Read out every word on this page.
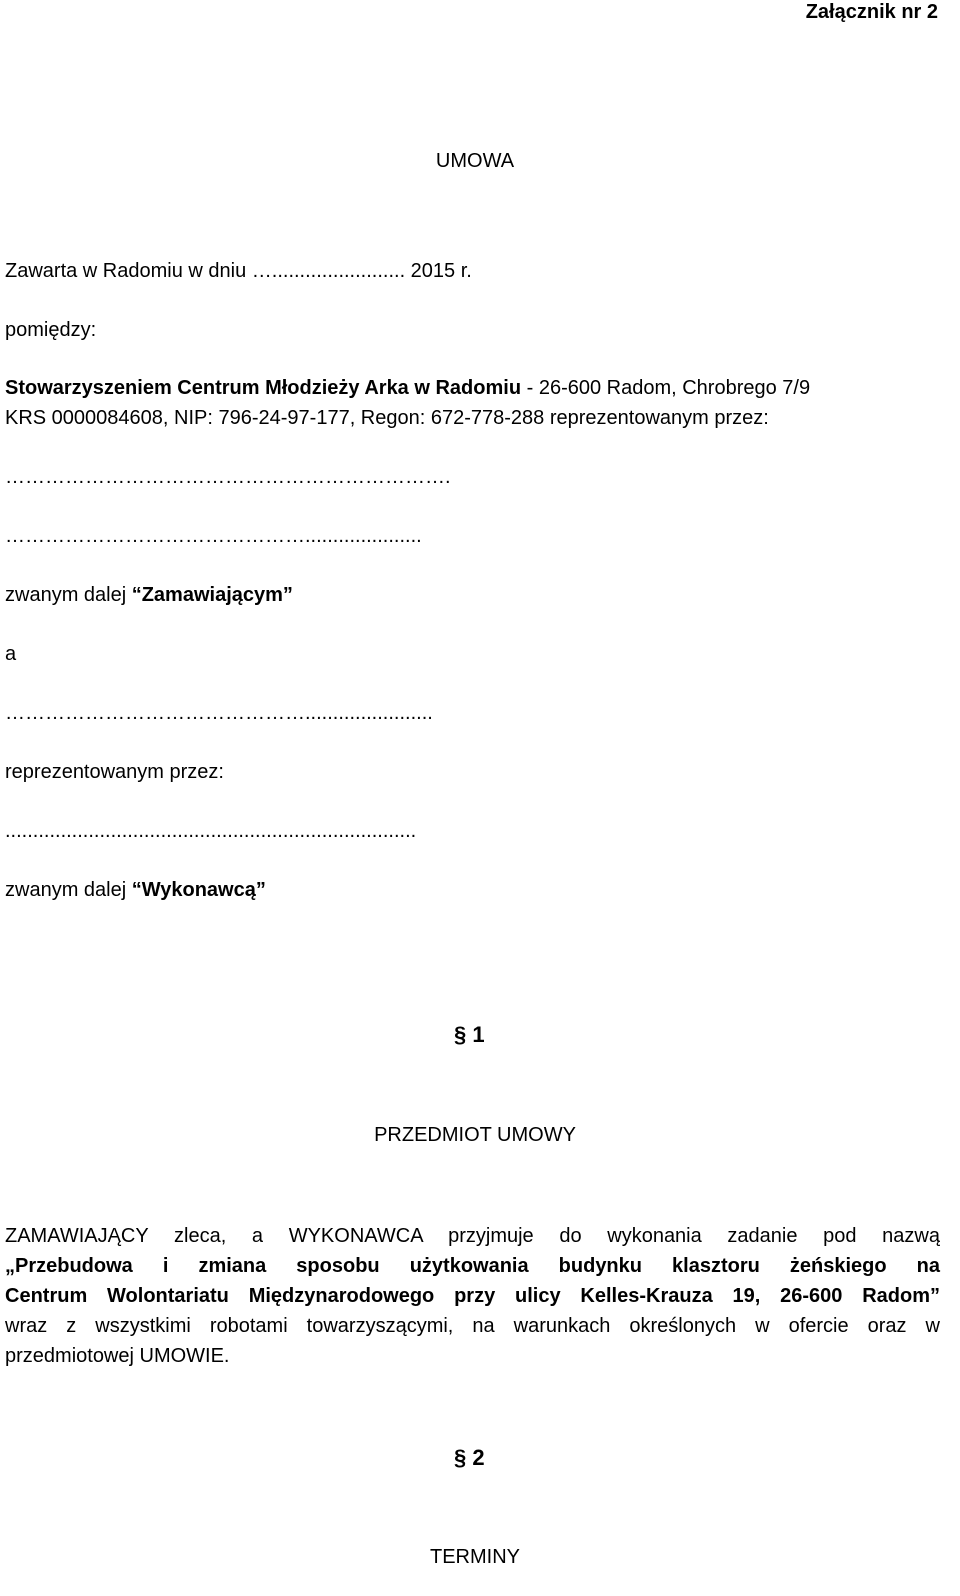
Załącznik nr 2
UMOWA
Zawarta w Radomiu w dniu …........................ 2015 r.
pomiędzy:
Stowarzyszeniem Centrum Młodzieży Arka w Radomiu - 26-600 Radom, Chrobrego 7/9
KRS 0000084608, NIP: 796-24-97-177, Regon: 672-778-288 reprezentowanym przez:
………………………………………………………….
……………………………………….....................
zwanym dalej “Zamawiającym”
a
……………………………………….......................
reprezentowanym przez:
..........................................................................
zwanym dalej “Wykonawcą”
§ 1
PRZEDMIOT UMOWY
ZAMAWIAJĄCY zleca, a WYKONAWCA przyjmuje do wykonania zadanie pod nazwą
„Przebudowa i zmiana sposobu użytkowania budynku klasztoru żeńskiego na
Centrum Wolontariatu Międzynarodowego przy ulicy Kelles-Krauza 19, 26-600 Radom”
wraz z wszystkimi robotami towarzyszącymi, na warunkach określonych w ofercie oraz w
przedmiotowej UMOWIE.
§ 2
TERMINY
